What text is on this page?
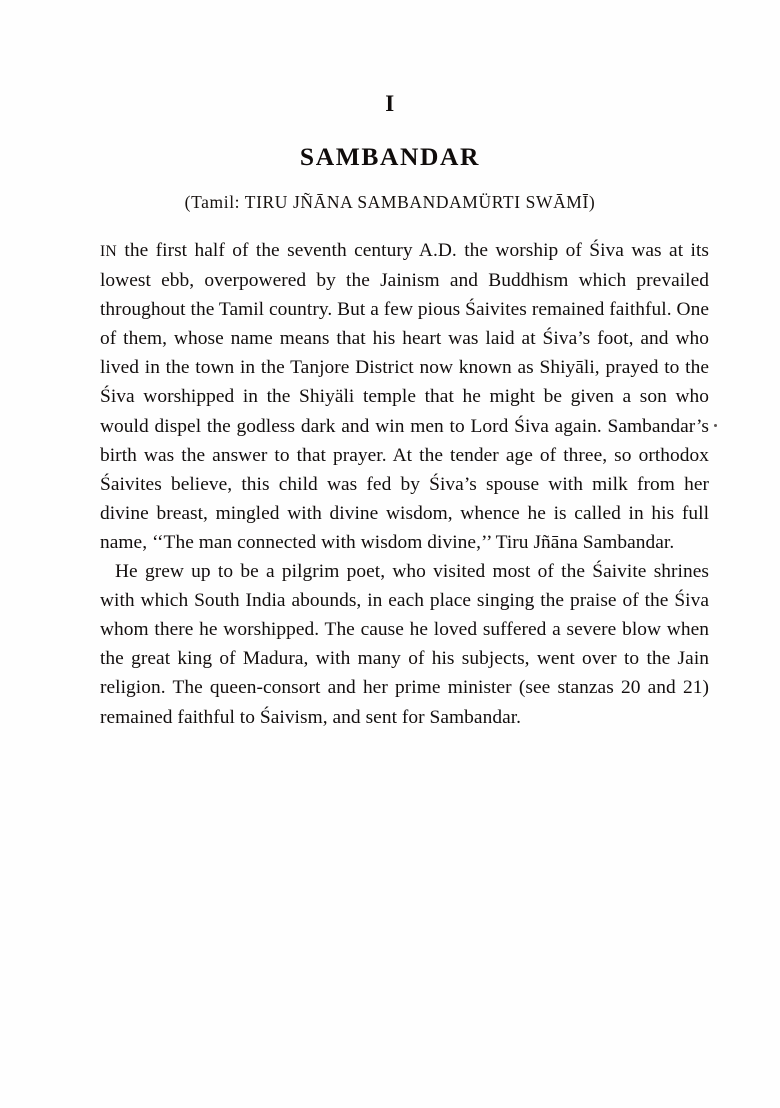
I
SAMBANDAR
(Tamil: TIRU JÑĀNA SAMBANDAMÜRTI SWĀMĪ)

IN the first half of the seventh century A.D. the worship of Śiva was at its lowest ebb, overpowered by the Jainism and Buddhism which prevailed throughout the Tamil country. But a few pious Śaivites remained faithful. One of them, whose name means that his heart was laid at Śiva’s foot, and who lived in the town in the Tanjore District now known as Shiyāli, prayed to the Śiva worshipped in the Shiyäli temple that he might be given a son who would dispel the godless dark and win men to Lord Śiva again. Sambandar’s birth was the answer to that prayer. At the tender age of three, so orthodox Śaivites believe, this child was fed by Śiva’s spouse with milk from her divine breast, mingled with divine wisdom, whence he is called in his full name, ‘‘The man connected with wisdom divine,’’ Tiru Jñāna Sambandar.

He grew up to be a pilgrim poet, who visited most of the Śaivite shrines with which South India abounds, in each place singing the praise of the Śiva whom there he worshipped. The cause he loved suffered a severe blow when the great king of Madura, with many of his subjects, went over to the Jain religion. The queen-consort and her prime minister (see stanzas 20 and 21) remained faithful to Śaivism, and sent for Sambandar.
